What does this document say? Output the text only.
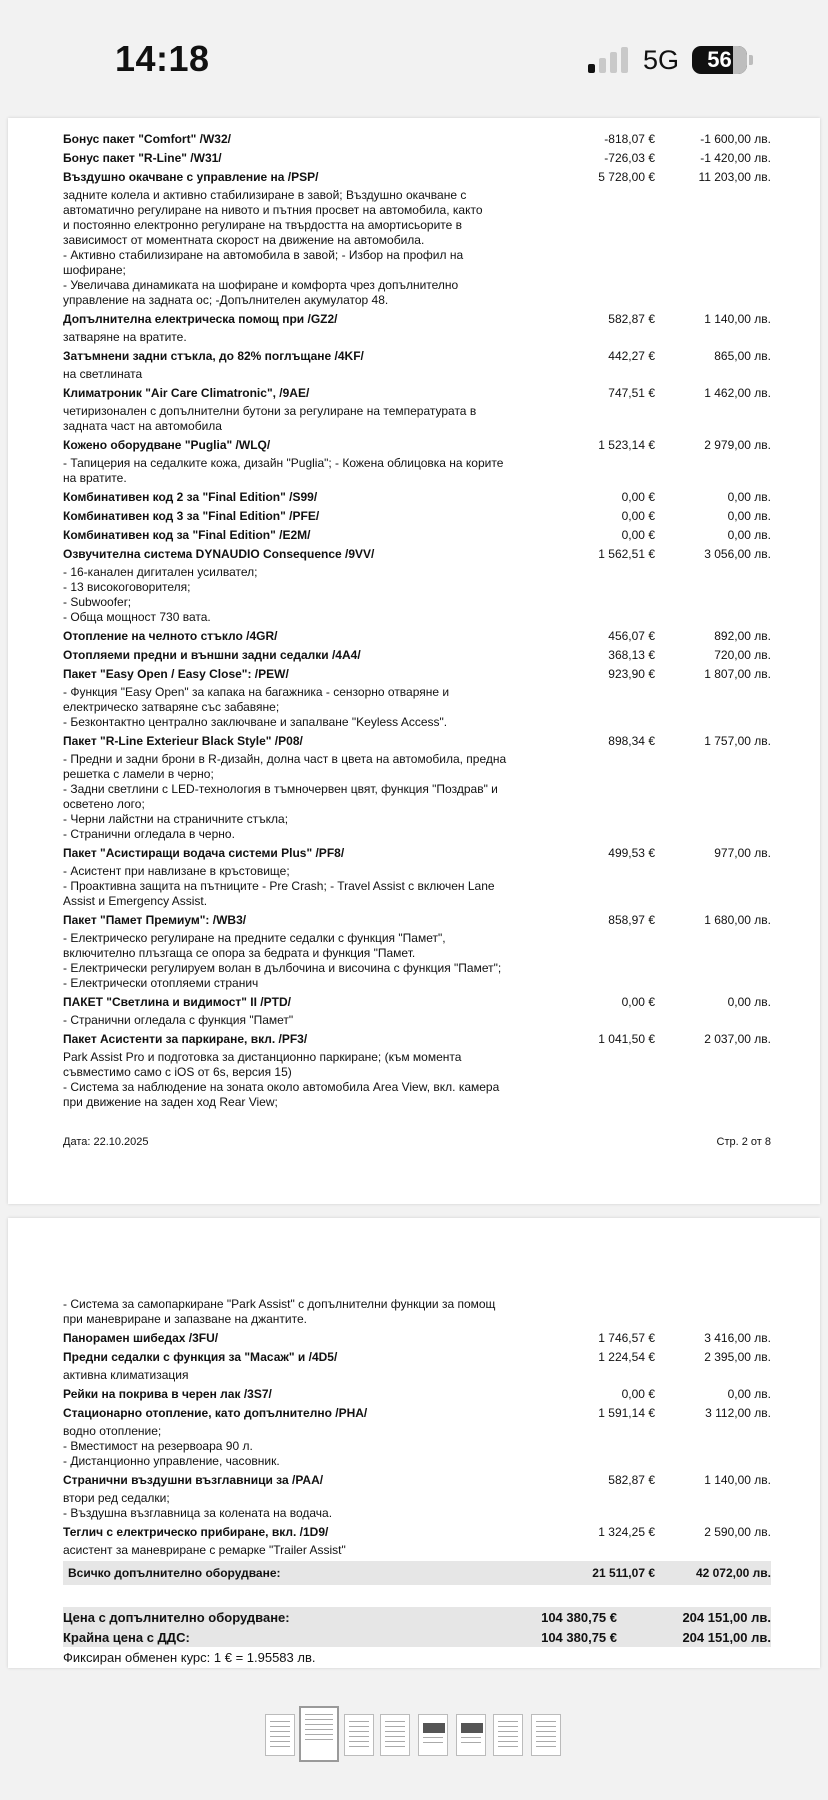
14:18	5G	56
Бонус пакет "Comfort" /W32/	-818,07 €	-1 600,00 лв.
Бонус пакет "R-Line" /W31/	-726,03 €	-1 420,00 лв.
Въздушно окачване с управление на /PSP/	5 728,00 €	11 203,00 лв.
задните колела и активно стабилизиране в завой; Въздушно окачване с
автоматично регулиране на нивото и пътния просвет на автомобила, както
и постоянно електронно регулиране на твърдостта на амортисьорите в
зависимост от моментната скорост на движение на автомобила.
- Активно стабилизиране на автомобила в завой; - Избор на профил на
шофиране;
- Увеличава динамиката на шофиране и комфорта чрез допълнително
управление на задната ос; -Допълнителен акумулатор 48.
Допълнителна електрическа помощ при /GZ2/	582,87 €	1 140,00 лв.
затваряне на вратите.
Затъмнени задни стъкла, до 82% поглъщане /4KF/	442,27 €	865,00 лв.
на светлината
Климатроник "Air Care Climatronic", /9AE/	747,51 €	1 462,00 лв.
четиризонален с допълнителни бутони за регулиране на температурата в
задната част на автомобила
Кожено оборудване "Puglia" /WLQ/	1 523,14 €	2 979,00 лв.
- Тапицерия на седалките кожа, дизайн "Puglia"; - Кожена облицовка на корите
на вратите.
Комбинативен код 2 за "Final Edition" /S99/	0,00 €	0,00 лв.
Комбинативен код 3 за "Final Edition" /PFE/	0,00 €	0,00 лв.
Комбинативен код за "Final Edition" /E2M/	0,00 €	0,00 лв.
Озвучителна система DYNAUDIO Consequence /9VV/	1 562,51 €	3 056,00 лв.
- 16-канален дигитален усилвател;
- 13 високоговорителя;
- Subwoofer;
- Обща мощност 730 вата.
Отопление на челното стъкло /4GR/	456,07 €	892,00 лв.
Отопляеми предни и външни задни седалки /4A4/	368,13 €	720,00 лв.
Пакет "Easy Open / Easy Close": /PEW/	923,90 €	1 807,00 лв.
- Функция "Easy Open" за капака на багажника - сензорно отваряне и
електрическо затваряне със забавяне;
- Безконтактно централно заключване и запалване "Keyless Access".
Пакет "R-Line Exterieur Black Style" /P08/	898,34 €	1 757,00 лв.
- Предни и задни брони в R-дизайн, долна част в цвета на автомобила, предна
решетка с ламели в черно;
- Задни светлини с LED-технология в тъмночервен цвят, функция "Поздрав" и
осветено лого;
- Черни лайстни на страничните стъкла;
- Странични огледала в черно.
Пакет "Асистиращи водача системи Plus" /PF8/	499,53 €	977,00 лв.
- Асистент при навлизане в кръстовище;
- Проактивна защита на пътниците - Pre Crash; - Travel Assist с включен Lane
Assist и Emergency Assist.
Пакет "Памет Премиум": /WB3/	858,97 €	1 680,00 лв.
- Електрическо регулиране на предните седалки с функция "Памет",
включително плъзгаща се опора за бедрата и функция "Памет.
- Електрически регулируем волан в дълбочина и височина с функция "Памет";
- Електрически отопляеми странич
ПАКЕТ "Светлина и видимост" II /PTD/	0,00 €	0,00 лв.
- Странични огледала с функция "Памет"
Пакет Асистенти за паркиране, вкл. /PF3/	1 041,50 €	2 037,00 лв.
Park Assist Pro и подготовка за дистанционно паркиране; (към момента
съвместимо само с iOS от 6s, версия 15)
- Система за наблюдение на зоната около автомобила Area View, вкл. камера
при движение на заден ход Rear View;
Дата: 22.10.2025	Стр. 2 от 8
- Система за самопаркиране "Park Assist" с допълнителни функции за помощ
при маневриране и запазване на джантите.
Панорамен шибедах /3FU/	1 746,57 €	3 416,00 лв.
Предни седалки с функция за "Масаж" и /4D5/	1 224,54 €	2 395,00 лв.
активна климатизация
Рейки на покрива в черен лак /3S7/	0,00 €	0,00 лв.
Стационарно отопление, като допълнително /PHA/	1 591,14 €	3 112,00 лв.
водно отопление;
- Вместимост на резервоара 90 л.
- Дистанционно управление, часовник.
Странични въздушни възглавници за /PAA/	582,87 €	1 140,00 лв.
втори ред седалки;
- Въздушна възглавница за колената на водача.
Теглич с електрическо прибиране, вкл. /1D9/	1 324,25 €	2 590,00 лв.
асистент за маневриране с ремарке "Trailer Assist"
Всичко допълнително оборудване:	21 511,07 €	42 072,00 лв.
Цена с допълнително оборудване:	104 380,75 €	204 151,00 лв.
Крайна цена с ДДС:	104 380,75 €	204 151,00 лв.
Фиксиран обменен курс: 1 € = 1.95583 лв.
